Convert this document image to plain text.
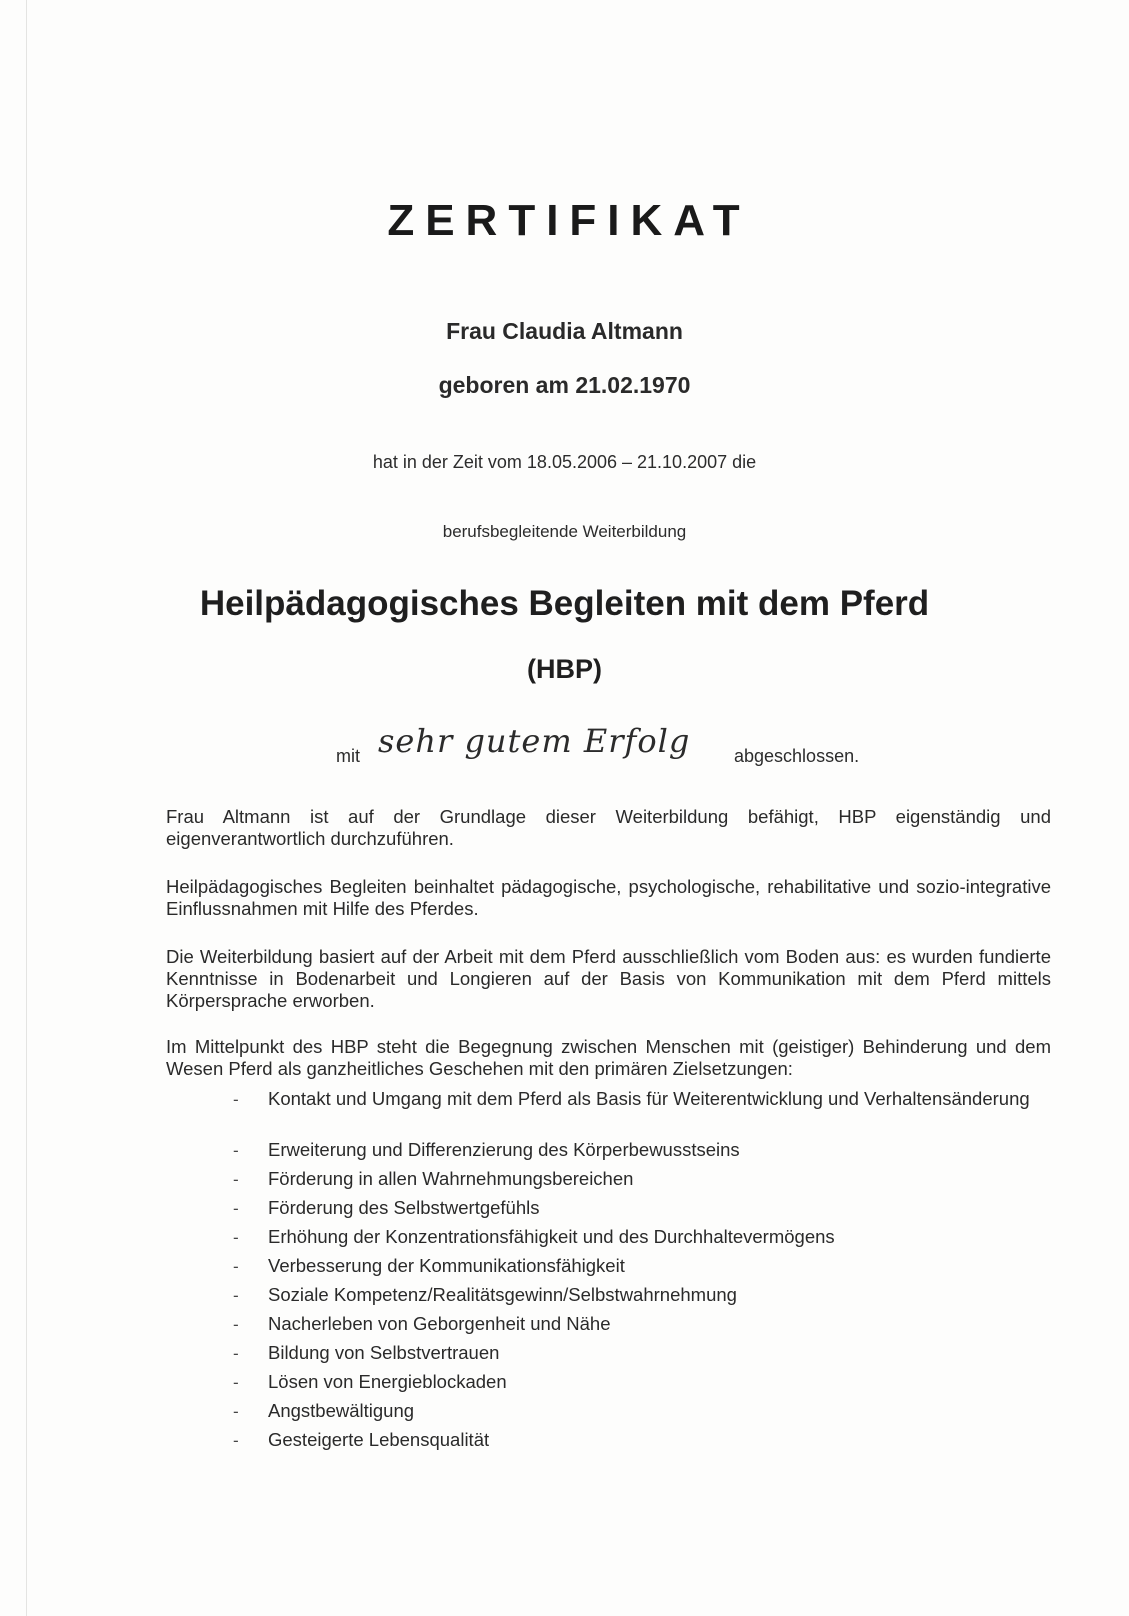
ZERTIFIKAT
Frau Claudia Altmann
geboren am 21.02.1970
hat in der Zeit vom 18.05.2006 – 21.10.2007 die
berufsbegleitende Weiterbildung
Heilpädagogisches Begleiten mit dem Pferd
(HBP)
mit sehr gutem Erfolg abgeschlossen.
Frau Altmann ist auf der Grundlage dieser Weiterbildung befähigt, HBP eigenständig und eigenverantwortlich durchzuführen.
Heilpädagogisches Begleiten beinhaltet pädagogische, psychologische, rehabilitative und sozio-integrative Einflussnahmen mit Hilfe des Pferdes.
Die Weiterbildung basiert auf der Arbeit mit dem Pferd ausschließlich vom Boden aus: es wurden fundierte Kenntnisse in Bodenarbeit und Longieren auf der Basis von Kommunikation mit dem Pferd mittels Körpersprache erworben.
Im Mittelpunkt des HBP steht die Begegnung zwischen Menschen mit (geistiger) Behinderung und dem Wesen Pferd als ganzheitliches Geschehen mit den primären Zielsetzungen:
- Kontakt und Umgang mit dem Pferd als Basis für Weiterentwicklung und Verhaltensänderung
- Erweiterung und Differenzierung des Körperbewusstseins
- Förderung in allen Wahrnehmungsbereichen
- Förderung des Selbstwertgefühls
- Erhöhung der Konzentrationsfähigkeit und des Durchhaltevermögens
- Verbesserung der Kommunikationsfähigkeit
- Soziale Kompetenz/Realitätsgewinn/Selbstwahrnehmung
- Nacherleben von Geborgenheit und Nähe
- Bildung von Selbstvertrauen
- Lösen von Energieblockaden
- Angstbewältigung
- Gesteigerte Lebensqualität
